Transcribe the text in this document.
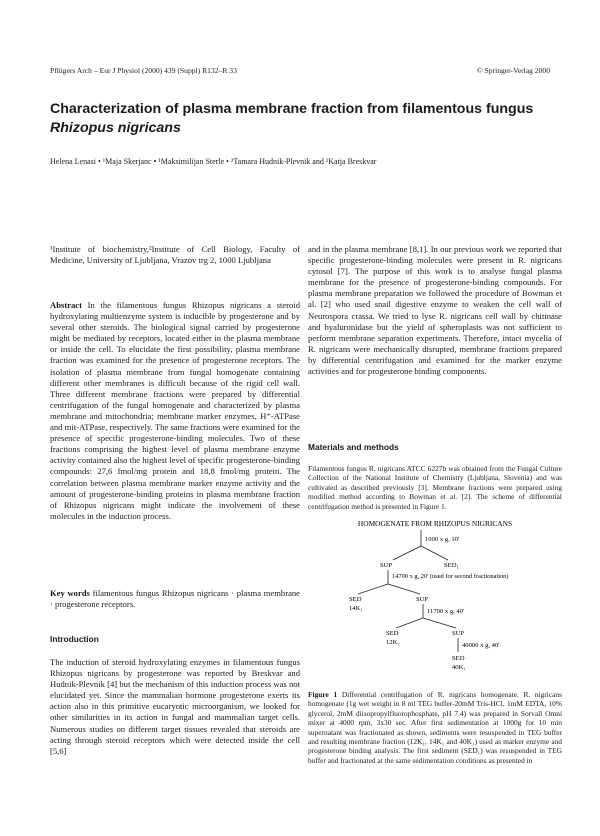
Pflügers Arch – Eur J Physiol (2000) 439 (Suppl) R132–R 33	© Springer-Verlag 2000
Characterization of plasma membrane fraction from filamentous fungus
Rhizopus nigricans
Helena Lenasi • ¹Maja Skerjanc • ¹Maksimilijan Sterle • ²Tamara Hudnik-Plevnik and ¹Katja Breskvar
¹Institute of biochemistry,²Institute of Cell Biology, Faculty of Medicine, University of Ljubljana, Vrazov trg 2, 1000 Ljubljana
Abstract In the filamentous fungus Rhizopus nigricans a steroid hydroxylating multienzyme system is inducible by progesterone and by several other steroids. The biological signal carried by progesterone might be mediated by receptors, located either in the plasma membrane or inside the cell. To elucidate the first possibility, plasma membrane fraction was examined for the presence of progesterone receptors. The isolation of plasma membrane from fungal homogenate containing different other membranes is difficult because of the rigid cell wall. Three different membrane fractions were prepared by differential centrifugation of the fungal homogenate and characterized by plasma membrane and mitochondria; membrane marker enzymes, H⁺-ATPase and mit-ATPase, respectively. The same fractions were examined for the presence of specific progesterone-binding molecules. Two of these fractions comprising the highest level of plasma membrane enzyme activity contained also the highest level of specific progesterone-binding compounds: 27,6 fmol/mg protein and 18,8 fmol/mg protein. The correlation between plasma membrane marker enzyme activity and the amount of progesterone-binding proteins in plasma membrane fraction of Rhizopus nigricans might indicate the involvement of these molecules in the induction process.
Key words filamentous fungus Rhizopus nigricans · plasma membrane · progesterone receptors.
Introduction
The induction of steroid hydroxylating enzymes in filamentous fungus Rhizopus nigricans by progesterone was reported by Breskvar and Hudnik-Plevnik [4] but the mechanism of this induction process was not elucidated yet. Since the mammalian hormone progesterone exerts its action also in this primitive eucaryotic microorganism, we looked for other similarities in its action in fungal and mammalian target cells. Numerous studies on different target tissues revealed that steroids are acting through steroid receptors which were detected inside the cell [5,6]
and in the plasma membrane [8,1]. In our previous work we reported that specific progesterone-binding molecules were present in R. nigricans cytosol [7]. The purpose of this work is to analyse fungal plasma membrane for the presence of progesterone-binding compounds. For plasma membrane preparation we followed the procedure of Bowman et al. [2] who used snail digestive enzyme to weaken the cell wall of Neurospora crassa. We tried to lyse R. nigricans cell wall by chitinase and hyaluronidase but the yield of spheroplasts was not sufficient to perform membrane separation experiments. Therefore, intact mycelia of R. nigricans were mechanically disrupted, membrane fractions prepared by differential centrifugation and examined for the marker enzyme activities and for progesterone binding components.
Materials and methods
Filamentous fungus R. nigricans ATCC 6227b was obtained from the Fungal Culture Collection of the National Institute of Chemistry (Ljubljana, Slovenia) and was cultivated as described previously [3]. Membrane fractions were prepared using modified method according to Bowman et al. [2]. The scheme of differential centrifugation method is presented in Figure 1.
HOMOGENATE FROM RHIZOPUS NIGRICANS
1000 x g, 10'
SUP	SED₁
14700 x g, 20' (used for second fractionation)
SED
14K₁
SUP
11700 x g, 40'
SED
12K₂
SUP
40000 x g, 40'
SED
40K₁
Figure 1 Differential centrifugation of R. nigricans homogenate. R. nigricans homogenate (1g wet weight in 8 ml TEG buffer-20mM Tris-HCl, 1mM EDTA, 10% glycerol, 2mM diisopropylfluorophosphate, pH 7.4) was prepared in Sorvall Omni mixer at 4000 rpm, 3x30 sec. After first sedimentation at 1000g for 10 min supernatant was fractionated as shown, sediments were resuspended in TEG buffer and resulting membrane fraction (12K₁, 14K₁ and 40K₁) used as marker enzyme and progesterone binding analysis. The first sediment (SED₁) was resuspended in TEG buffer and fractionated at the same sedimentation conditions as presented in
